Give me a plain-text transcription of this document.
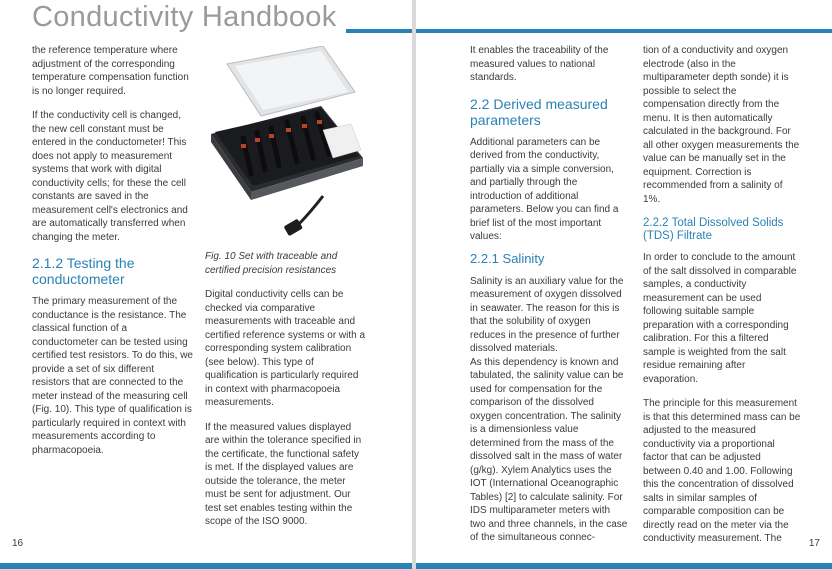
Conductivity Handbook

the reference temperature where adjustment of the corresponding temperature compensation function is no longer required.

If the conductivity cell is changed, the new cell constant must be entered in the conductometer! This does not apply to measurement systems that work with digital conductivity cells; for these the cell constants are saved in the measurement cell's electronics and are automatically transferred when changing the meter.

2.1.2 Testing the conductometer

The primary measurement of the conductance is the resistance. The classical function of a conductometer can be tested using certified test resistors. To do this, we provide a set of six different resistors that are connected to the meter instead of the measuring cell (Fig. 10). This type of qualification is particularly required in context with measurements according to pharmacopoeia.

Fig. 10 Set with traceable and certified precision resistances

Digital conductivity cells can be checked via comparative measurements with traceable and certified reference systems or with a corresponding system calibration (see below). This type of qualification is particularly required in context with pharmacopoeia measurements.

If the measured values displayed are within the tolerance specified in the certificate, the functional safety is met. If the displayed values are outside the tolerance, the meter must be sent for adjustment. Our test set enables testing within the scope of the ISO 9000.

16

It enables the traceability of the measured values to national standards.

2.2 Derived measured parameters

Additional parameters can be derived from the conductivity, partially via a simple conversion, and partially through the introduction of additional parameters. Below you can find a brief list of the most important values:

2.2.1 Salinity

Salinity is an auxiliary value for the measurement of oxygen dissolved in seawater. The reason for this is that the solubility of oxygen reduces in the presence of further dissolved materials.

As this dependency is known and tabulated, the salinity value can be used for compensation for the comparison of the dissolved oxygen concentration. The salinity is a dimensionless value determined from the mass of the dissolved salt in the mass of water (g/kg). Xylem Analytics uses the IOT (International Oceanographic Tables) [2] to calculate salinity. For IDS multiparameter meters with two and three channels, in the case of the simultaneous connec-

tion of a conductivity and oxygen electrode (also in the multiparameter depth sonde) it is possible to select the compensation directly from the menu. It is then automatically calculated in the background. For all other oxygen measurements the value can be manually set in the equipment. Correction is recommended from a salinity of 1%.

2.2.2 Total Dissolved Solids (TDS) Filtrate

In order to conclude to the amount of the salt dissolved in comparable samples, a conductivity measurement can be used following suitable sample preparation with a corresponding calibration. For this a filtered sample is weighted from the salt residue remaining after evaporation.

The principle for this measurement is that this determined mass can be adjusted to the measured conductivity via a proportional factor that can be adjusted between 0.40 and 1.00. Following this the concentration of dissolved salts in similar samples of comparable composition can be directly read on the meter via the conductivity measurement. The	17
